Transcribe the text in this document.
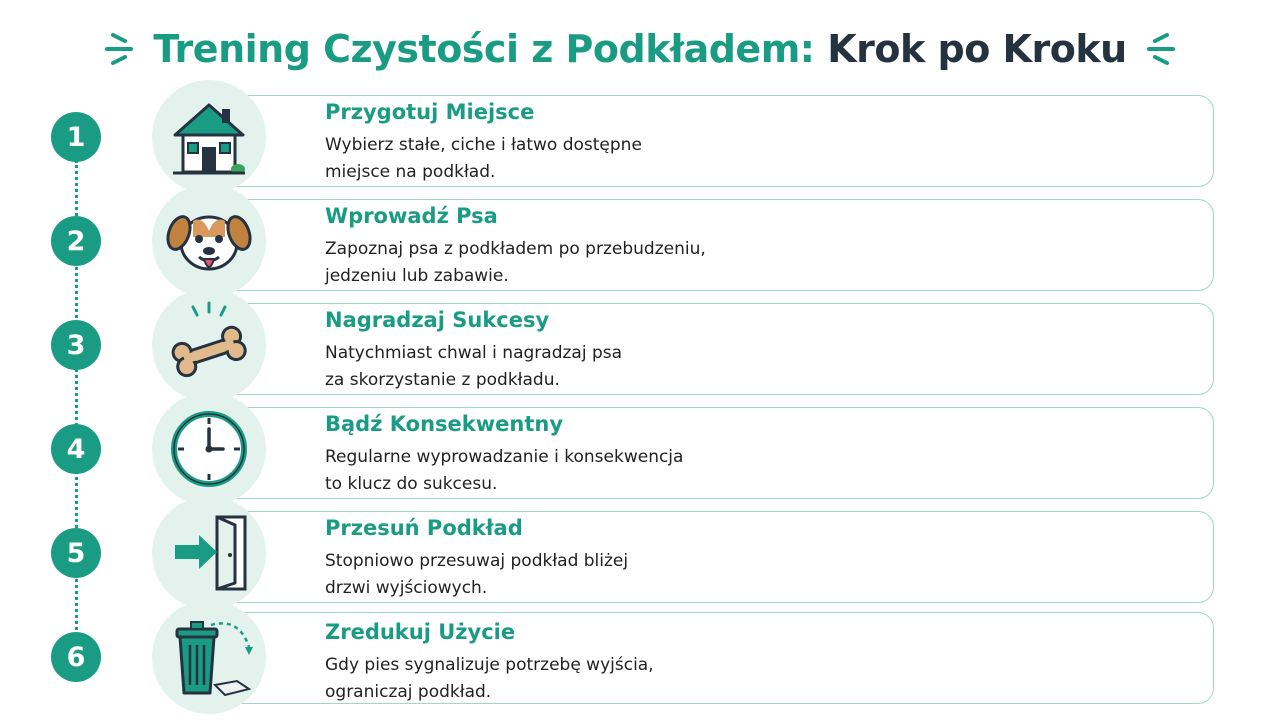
Trening Czystości z Podkładem: Krok po Kroku
1
Przygotuj Miejsce
Wybierz stałe, ciche i łatwo dostępne
miejsce na podkład.
2
Wprowadź Psa
Zapoznaj psa z podkładem po przebudzeniu,
jedzeniu lub zabawie.
3
Nagradzaj Sukcesy
Natychmiast chwal i nagradzaj psa
za skorzystanie z podkładu.
4
Bądź Konsekwentny
Regularne wyprowadzanie i konsekwencja
to klucz do sukcesu.
5
Przesuń Podkład
Stopniowo przesuwaj podkład bliżej
drzwi wyjściowych.
6
Zredukuj Użycie
Gdy pies sygnalizuje potrzebę wyjścia,
ograniczaj podkład.
